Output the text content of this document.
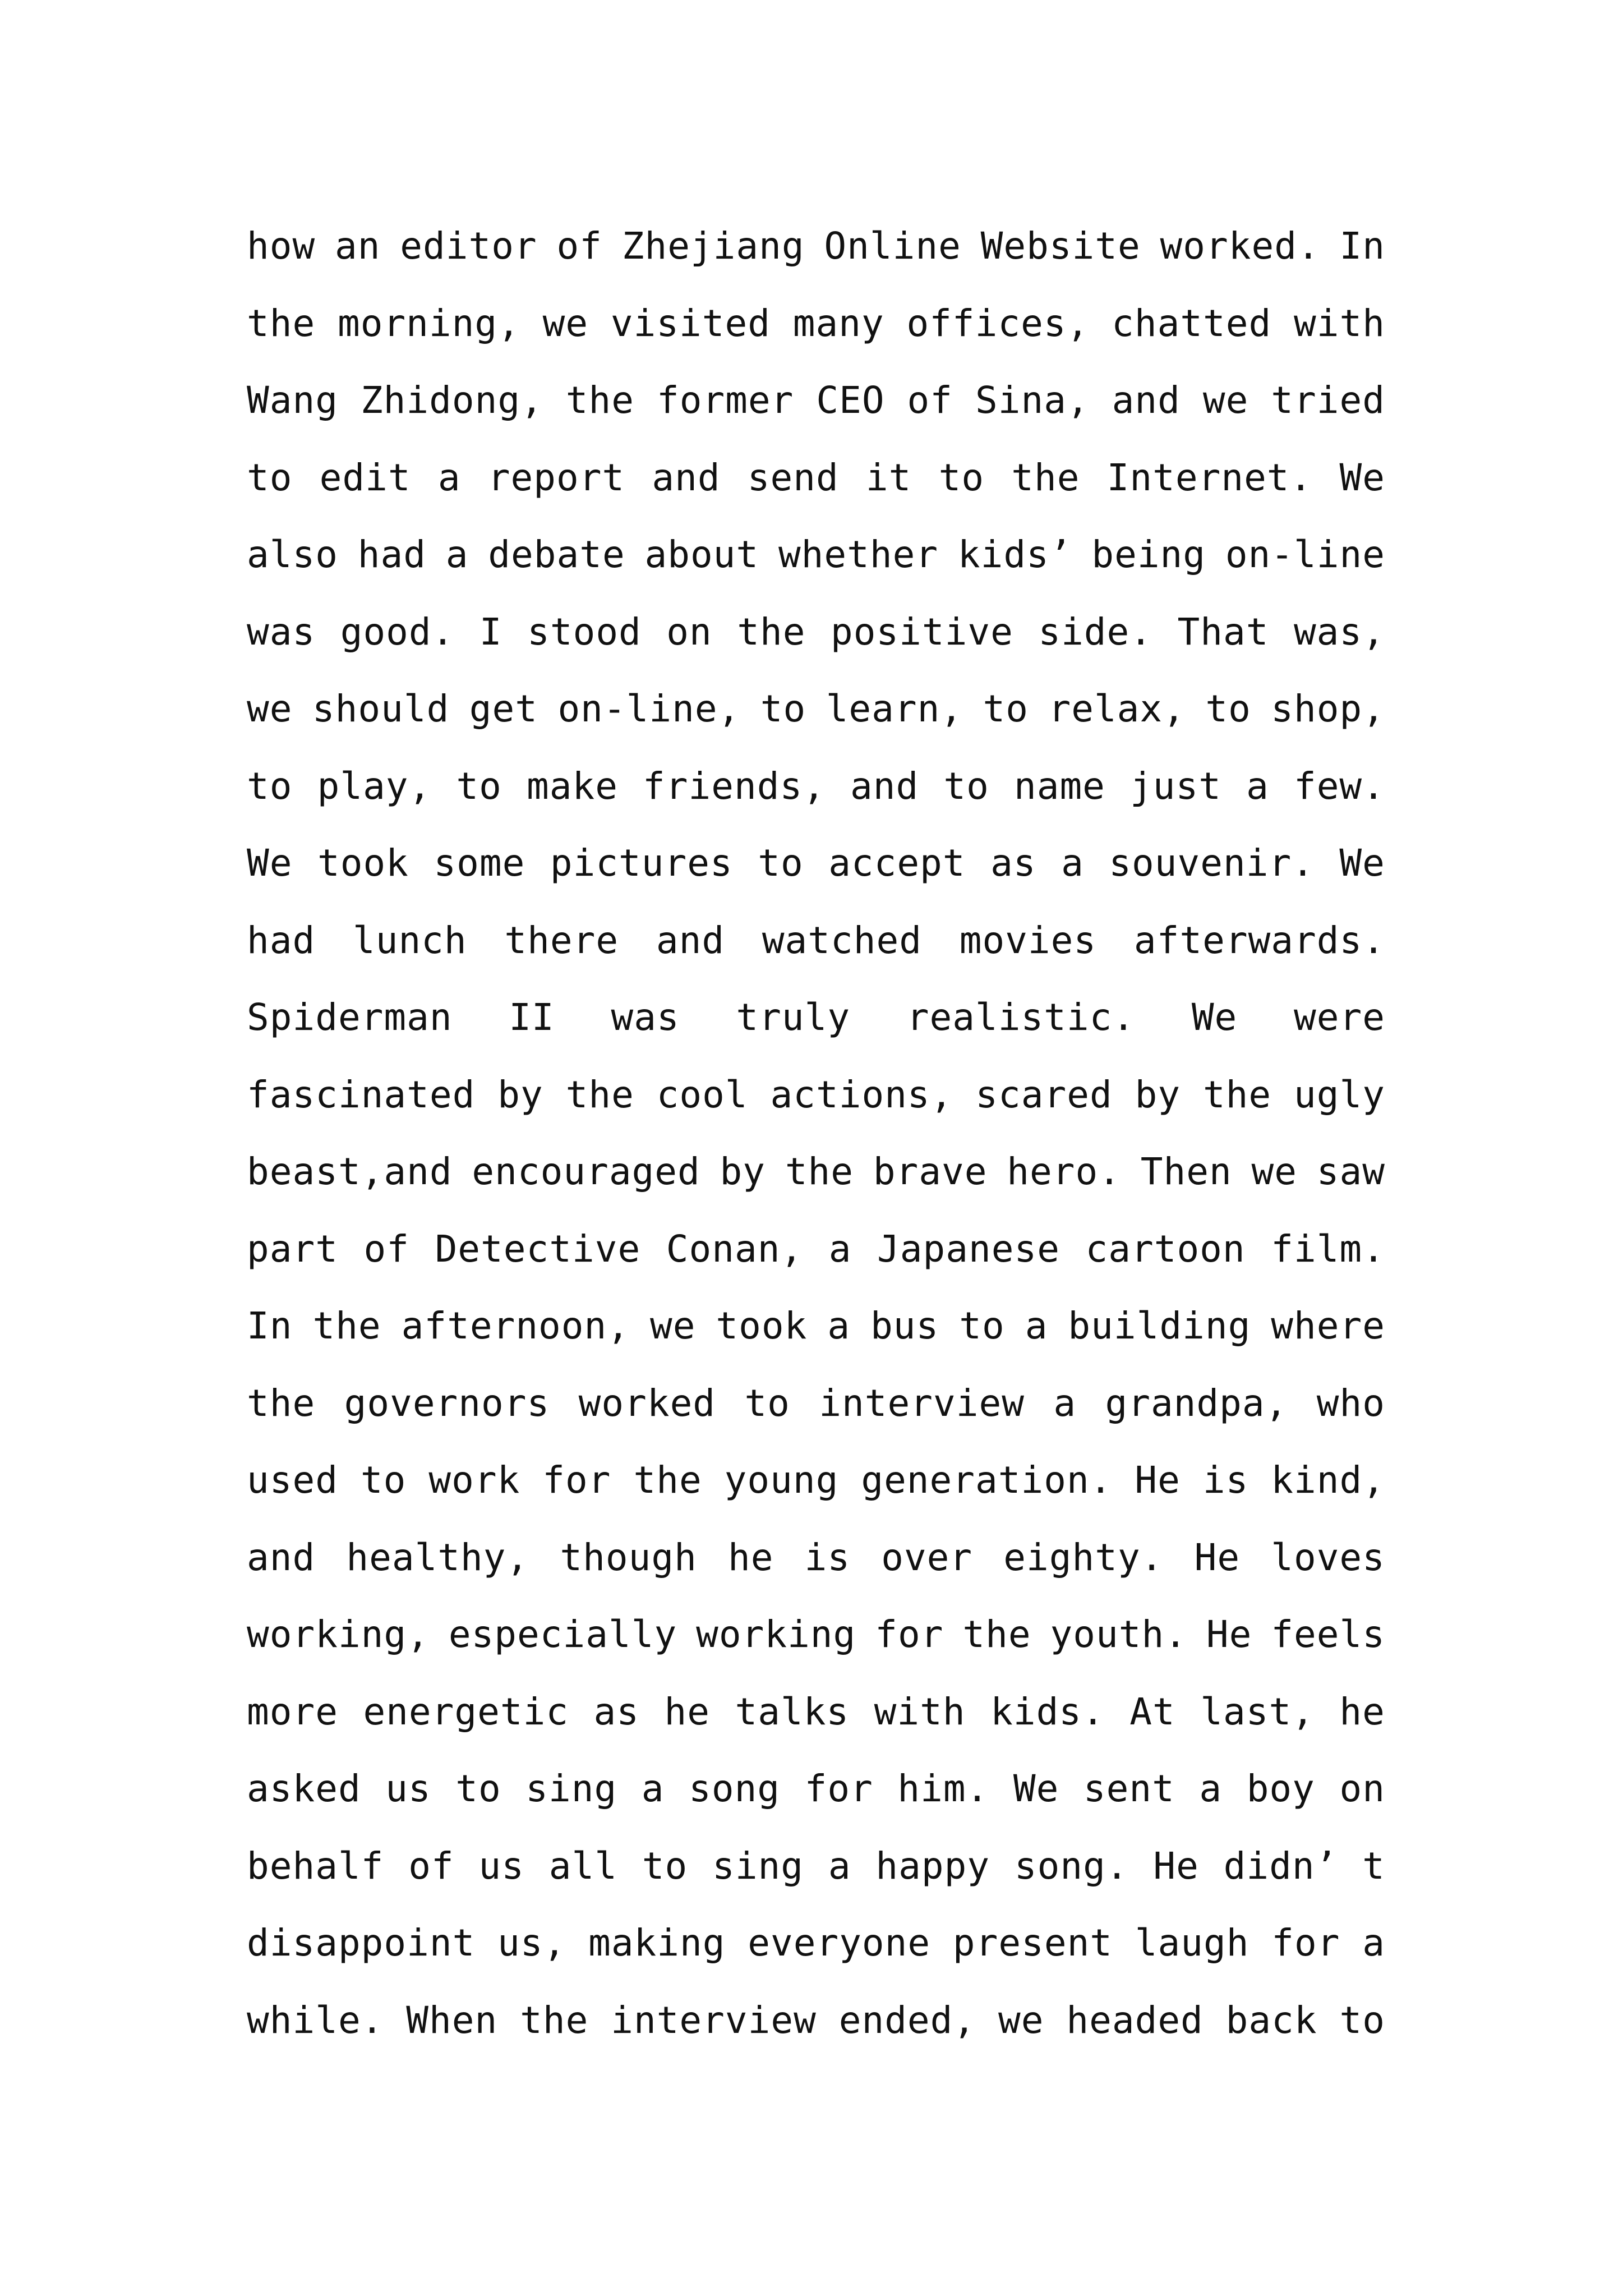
how an editor of Zhejiang Online Website worked. In
the morning, we visited many offices, chatted with
Wang Zhidong, the former CEO of Sina, and we tried
to edit a report and send it to the Internet. We
also had a debate about whether kids’ being on-line
was good. I stood on the positive side. That was,
we should get on-line, to learn, to relax, to shop,
to play, to make friends, and to name just a few.
We took some pictures to accept as a souvenir. We
had lunch there and watched movies afterwards.
Spiderman II was truly realistic. We were
fascinated by the cool actions, scared by the ugly
beast,and encouraged by the brave hero. Then we saw
part of Detective Conan, a Japanese cartoon film.
In the afternoon, we took a bus to a building where
the governors worked to interview a grandpa, who
used to work for the young generation. He is kind,
and healthy, though he is over eighty. He loves
working, especially working for the youth. He feels
more energetic as he talks with kids. At last, he
asked us to sing a song for him. We sent a boy on
behalf of us all to sing a happy song. He didn’ t
disappoint us, making everyone present laugh for a
while. When the interview ended, we headed back to
